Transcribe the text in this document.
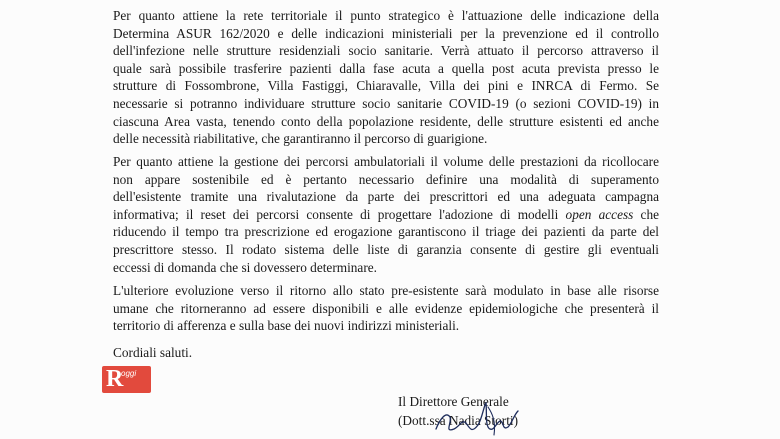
Per quanto attiene la rete territoriale il punto strategico è l'attuazione delle indicazione della
Determina ASUR 162/2020 e delle indicazioni ministeriali per la prevenzione ed il controllo
dell'infezione nelle strutture residenziali socio sanitarie. Verrà attuato il percorso attraverso il
quale sarà possibile trasferire pazienti dalla fase acuta a quella post acuta prevista presso le
strutture di Fossombrone, Villa Fastiggi, Chiaravalle, Villa dei pini e INRCA di Fermo. Se
necessarie si potranno individuare strutture socio sanitarie COVID-19 (o sezioni COVID-19) in
ciascuna Area vasta, tenendo conto della popolazione residente, delle strutture esistenti ed anche
delle necessità riabilitative, che garantiranno il percorso di guarigione.
Per quanto attiene la gestione dei percorsi ambulatoriali il volume delle prestazioni da ricollocare
non appare sostenibile ed è pertanto necessario definire una modalità di superamento
dell'esistente tramite una rivalutazione da parte dei prescrittori ed una adeguata campagna
informativa; il reset dei percorsi consente di progettare l'adozione di modelli open access che
riducendo il tempo tra prescrizione ed erogazione garantiscono il triage dei pazienti da parte del
prescrittore stesso. Il rodato sistema delle liste di garanzia consente di gestire gli eventuali
eccessi di domanda che si dovessero determinare.
L'ulteriore evoluzione verso il ritorno allo stato pre-esistente sarà modulato in base alle risorse
umane che ritorneranno ad essere disponibili e alle evidenze epidemiologiche che presenterà il
territorio di afferenza e sulla base dei nuovi indirizzi ministeriali.
Cordiali saluti.
R
oggi
Il Direttore Generale
(Dott.ssa Nadia Storti)
